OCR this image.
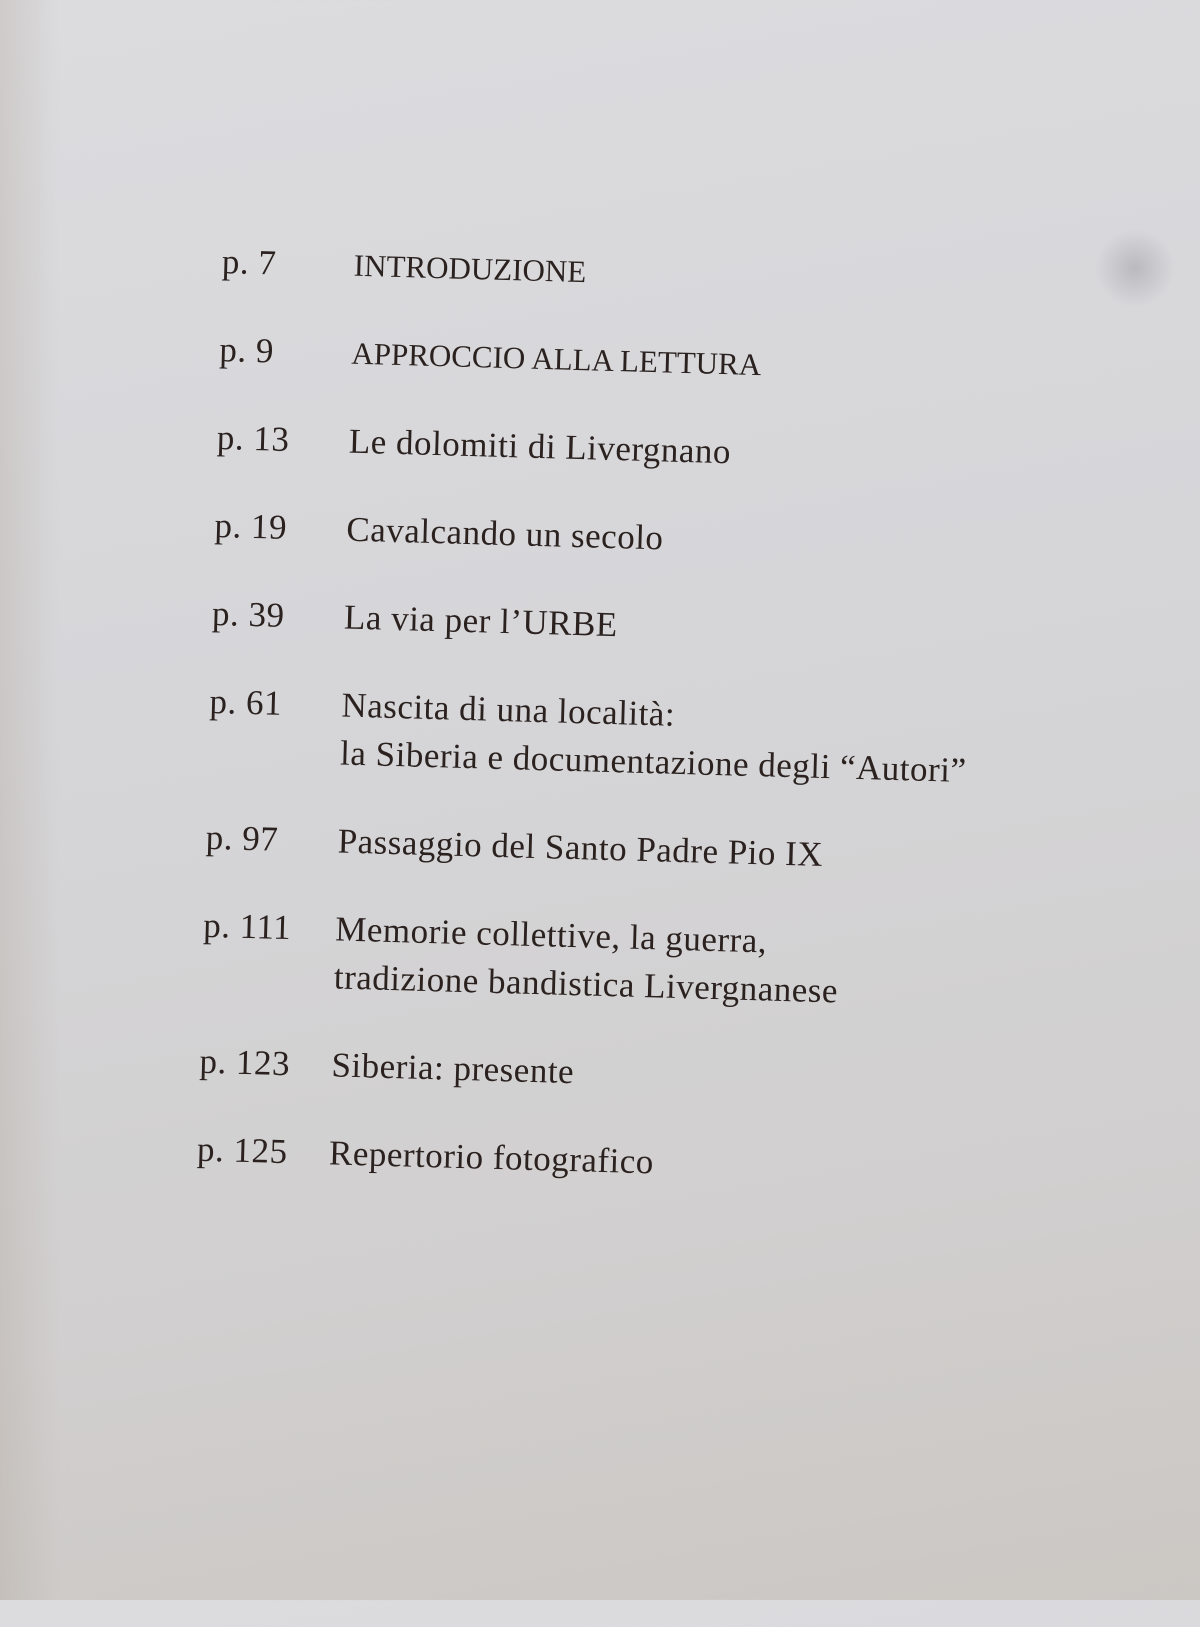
p. 7	INTRODUZIONE
p. 9	APPROCCIO ALLA LETTURA
p. 13	Le dolomiti di Livergnano
p. 19	Cavalcando un secolo
p. 39	La via per l’URBE
p. 61	Nascita di una località:
la Siberia e documentazione degli “Autori”
p. 97	Passaggio del Santo Padre Pio IX
p. 111	Memorie collettive, la guerra,
tradizione bandistica Livergnanese
p. 123	Siberia: presente
p. 125	Repertorio fotografico
